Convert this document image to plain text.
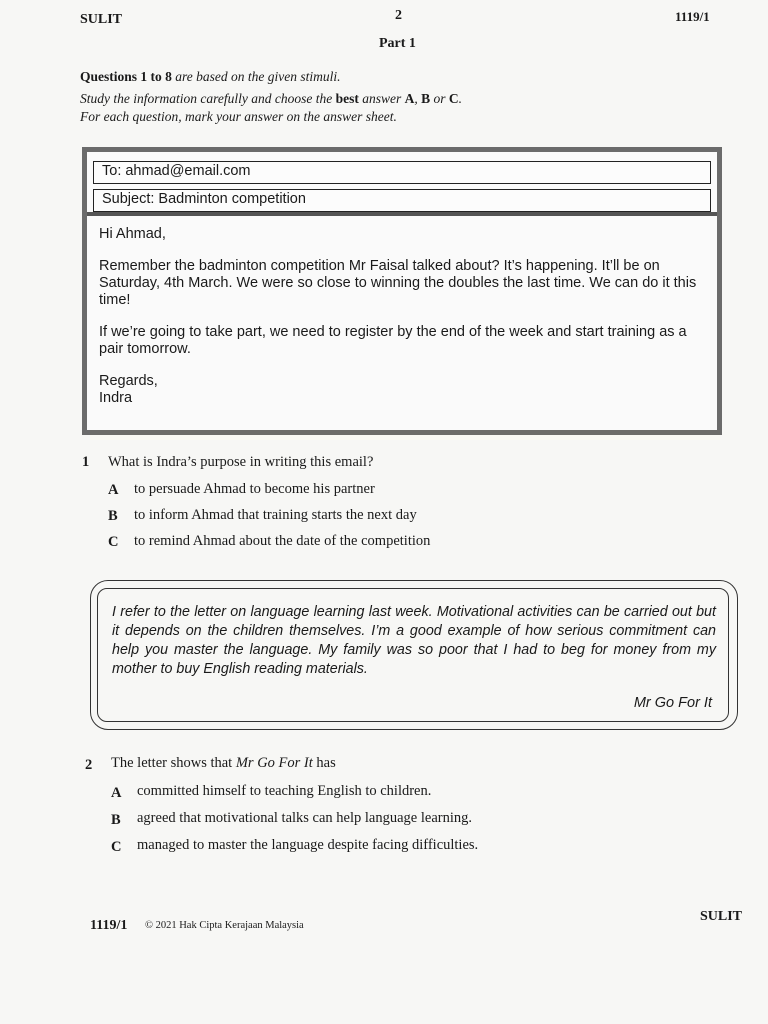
SULIT	2	1119/1
Part 1
Questions 1 to 8 are based on the given stimuli.
Study the information carefully and choose the best answer A, B or C.
For each question, mark your answer on the answer sheet.
To: ahmad@email.com
Subject: Badminton competition

Hi Ahmad,

Remember the badminton competition Mr Faisal talked about? It’s happening. It’ll be on Saturday, 4th March. We were so close to winning the doubles the last time. We can do it this time!

If we’re going to take part, we need to register by the end of the week and start training as a pair tomorrow.

Regards,
Indra
1 What is Indra’s purpose in writing this email?
A to persuade Ahmad to become his partner
B to inform Ahmad that training starts the next day
C to remind Ahmad about the date of the competition
I refer to the letter on language learning last week. Motivational activities can be carried out but it depends on the children themselves. I’m a good example of how serious commitment can help you master the language. My family was so poor that I had to beg for money from my mother to buy English reading materials.
Mr Go For It
2 The letter shows that Mr Go For It has
A committed himself to teaching English to children.
B agreed that motivational talks can help language learning.
C managed to master the language despite facing difficulties.
1119/1 © 2021 Hak Cipta Kerajaan Malaysia
SULIT
